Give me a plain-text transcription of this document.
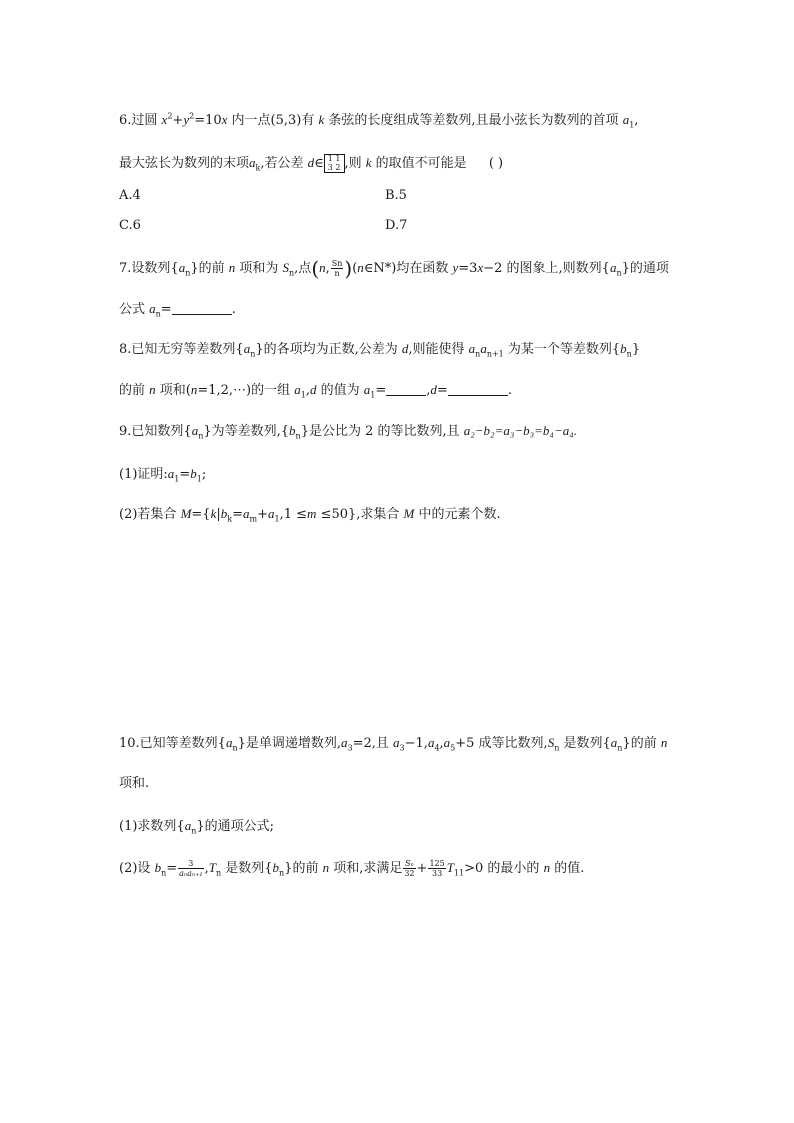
6.过圆 $x^2+y^2=10x$ 内一点(5,3)有 k 条弦的长度组成等差数列,且最小弦长为数列的首项 $a_1$,
最大弦长为数列的末项$a_k$,若公差 d∈ 1 1
3 2 ,则 k 的取值不可能是 ( )
A.4	B.5
C.6	D.7
7.设数列$\{a_n\}$的前 n 项和为 $S_n$,点(n, $\frac{Sn}{n}$ )(n∈N*)均在函数 y=3x−2 的图象上,则数列$\{a_n\}$的通项
公式 $a_n=$	.
8.已知无穷等差数列$\{a_n\}$的各项均为正数,公差为 d,则能使得 $a_na_{n+1}$ 为某一个等差数列$\{b_n\}$
的前 n 项和(n=1,2,⋯)的一组 $a_1,d$ 的值为 $a_1=$	,d=	.
9.已知数列$\{a_n\}$为等差数列$,\{b_n\}$是公比为 2 的等比数列,且 a₂−b₂=a₃−b₃=b₄−a₄.
(1)证明$:a_1=b_1$;
(2)若集合 $M=\{k|b_k=a_m+a_1,1 \le m \le 50\}$,求集合 M 中的元素个数.
10.已知等差数列$\{a_n\}$是单调递增数列$,a_3=2$,且 $a_3-1,a_4,a_5+5$ 成等比数列$,S_n$ 是数列$\{a_n\}$的前 n
项和.
(1)求数列$\{a_n\}$的通项公式;
(2)设 $b_n= \frac{3}{\text{aₙaₙ₊₁}} ,T_n$ 是数列$\{b_n\}$的前 n 项和,求满足 $\frac{\text{Sₙ}}{32} + \frac{125}{33} T_{11}>0$ 的最小的 n 的值.
